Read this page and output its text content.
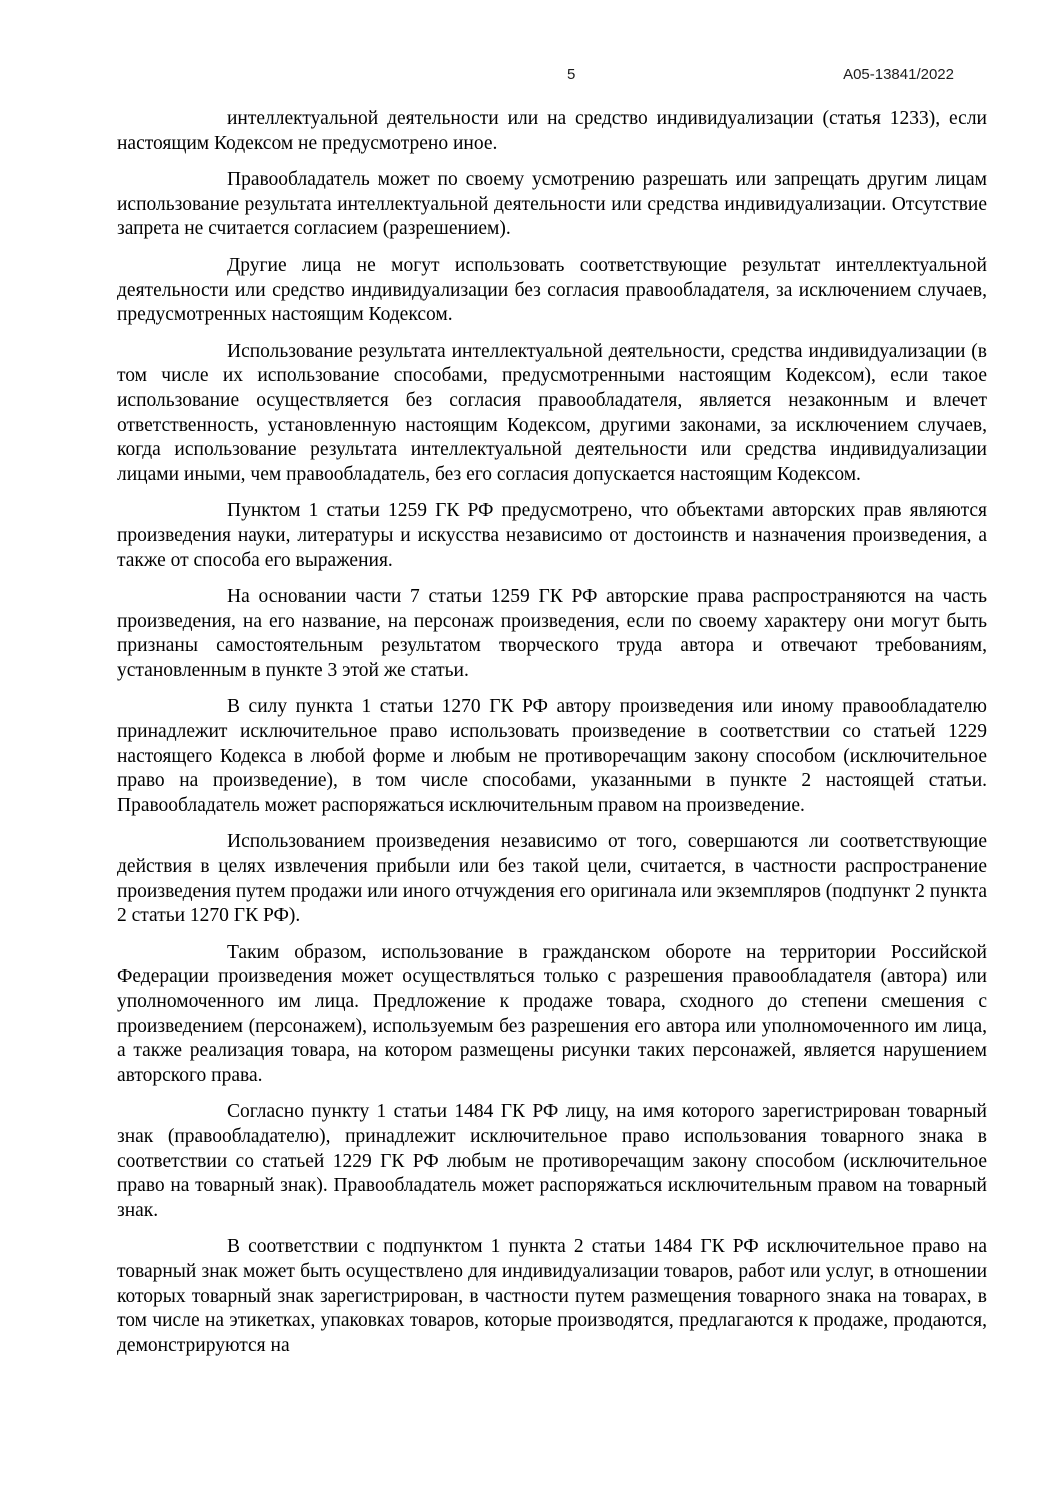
5	А05-13841/2022

интеллектуальной деятельности или на средство индивидуализации (статья 1233), если настоящим Кодексом не предусмотрено иное.

Правообладатель может по своему усмотрению разрешать или запрещать другим лицам использование результата интеллектуальной деятельности или средства индивидуализации. Отсутствие запрета не считается согласием (разрешением).

Другие лица не могут использовать соответствующие результат интеллектуальной деятельности или средство индивидуализации без согласия правообладателя, за исключением случаев, предусмотренных настоящим Кодексом.

Использование результата интеллектуальной деятельности, средства индивидуализации (в том числе их использование способами, предусмотренными настоящим Кодексом), если такое использование осуществляется без согласия правообладателя, является незаконным и влечет ответственность, установленную настоящим Кодексом, другими законами, за исключением случаев, когда использование результата интеллектуальной деятельности или средства индивидуализации лицами иными, чем правообладатель, без его согласия допускается настоящим Кодексом.

Пунктом 1 статьи 1259 ГК РФ предусмотрено, что объектами авторских прав являются произведения науки, литературы и искусства независимо от достоинств и назначения произведения, а также от способа его выражения.

На основании части 7 статьи 1259 ГК РФ авторские права распространяются на часть произведения, на его название, на персонаж произведения, если по своему характеру они могут быть признаны самостоятельным результатом творческого труда автора и отвечают требованиям, установленным в пункте 3 этой же статьи.

В силу пункта 1 статьи 1270 ГК РФ автору произведения или иному правообладателю принадлежит исключительное право использовать произведение в соответствии со статьей 1229 настоящего Кодекса в любой форме и любым не противоречащим закону способом (исключительное право на произведение), в том числе способами, указанными в пункте 2 настоящей статьи. Правообладатель может распоряжаться исключительным правом на произведение.

Использованием произведения независимо от того, совершаются ли соответствующие действия в целях извлечения прибыли или без такой цели, считается, в частности распространение произведения путем продажи или иного отчуждения его оригинала или экземпляров (подпункт 2 пункта 2 статьи 1270 ГК РФ).

Таким образом, использование в гражданском обороте на территории Российской Федерации произведения может осуществляться только с разрешения правообладателя (автора) или уполномоченного им лица. Предложение к продаже товара, сходного до степени смешения с произведением (персонажем), используемым без разрешения его автора или уполномоченного им лица, а также реализация товара, на котором размещены рисунки таких персонажей, является нарушением авторского права.

Согласно пункту 1 статьи 1484 ГК РФ лицу, на имя которого зарегистрирован товарный знак (правообладателю), принадлежит исключительное право использования товарного знака в соответствии со статьей 1229 ГК РФ любым не противоречащим закону способом (исключительное право на товарный знак). Правообладатель может распоряжаться исключительным правом на товарный знак.

В соответствии с подпунктом 1 пункта 2 статьи 1484 ГК РФ исключительное право на товарный знак может быть осуществлено для индивидуализации товаров, работ или услуг, в отношении которых товарный знак зарегистрирован, в частности путем размещения товарного знака на товарах, в том числе на этикетках, упаковках товаров, которые производятся, предлагаются к продаже, продаются, демонстрируются на
